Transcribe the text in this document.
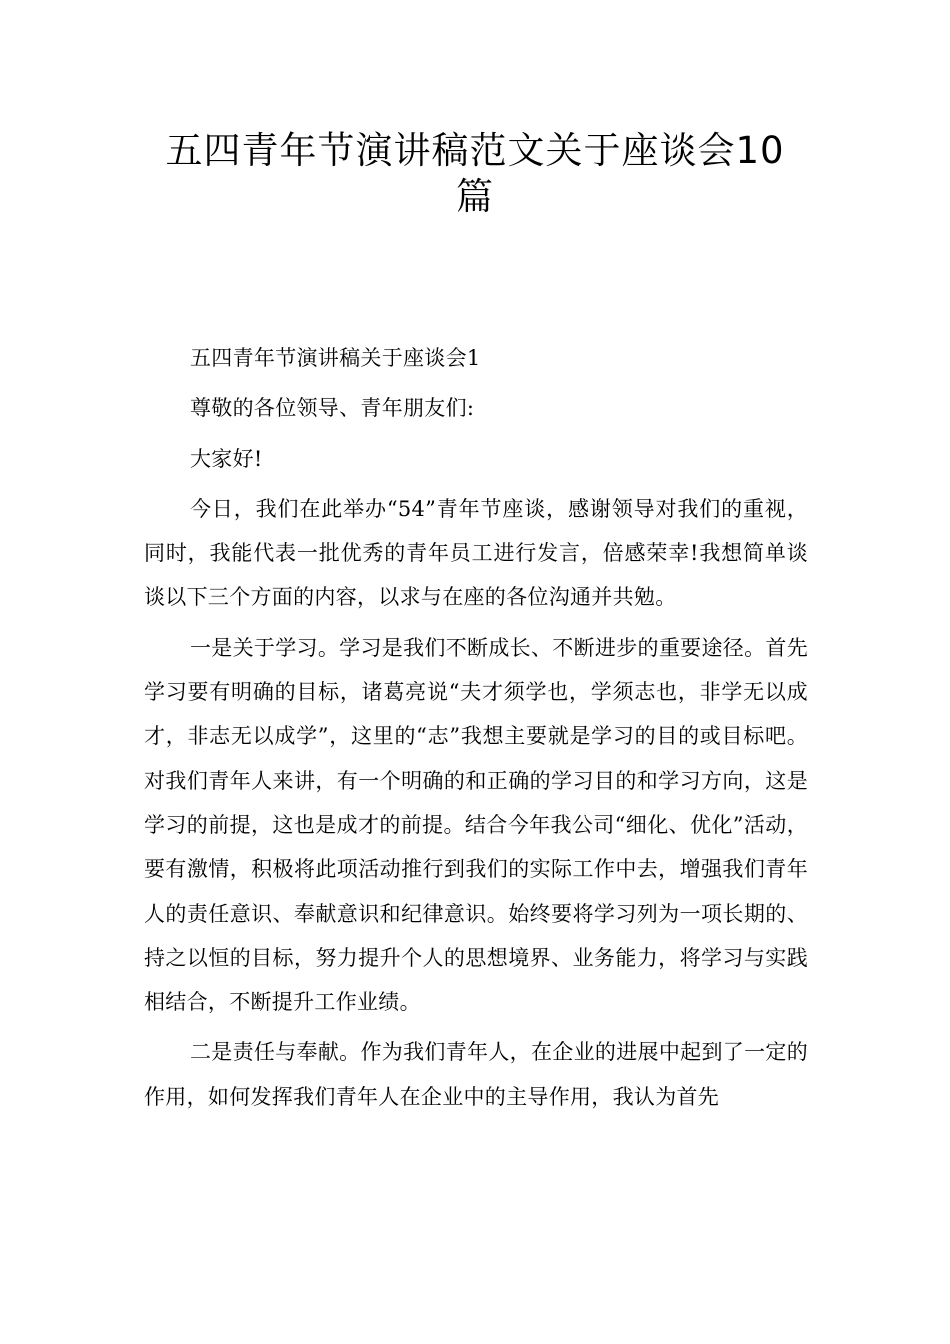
五四青年节演讲稿范文关于座谈会10
篇

五四青年节演讲稿关于座谈会1

尊敬的各位领导、青年朋友们:

大家好!

今日，我们在此举办“54”青年节座谈，感谢领导对我们的重视，同时，我能代表一批优秀的青年员工进行发言，倍感荣幸!我想简单谈谈以下三个方面的内容，以求与在座的各位沟通并共勉。

一是关于学习。学习是我们不断成长、不断进步的重要途径。首先学习要有明确的目标，诸葛亮说“夫才须学也，学须志也，非学无以成才，非志无以成学”，这里的“志”我想主要就是学习的目的或目标吧。对我们青年人来讲，有一个明确的和正确的学习目的和学习方向，这是学习的前提，这也是成才的前提。结合今年我公司“细化、优化”活动，要有激情，积极将此项活动推行到我们的实际工作中去，增强我们青年人的责任意识、奉献意识和纪律意识。始终要将学习列为一项长期的、持之以恒的目标，努力提升个人的思想境界、业务能力，将学习与实践相结合，不断提升工作业绩。

二是责任与奉献。作为我们青年人，在企业的进展中起到了一定的作用，如何发挥我们青年人在企业中的主导作用，我认为首先
